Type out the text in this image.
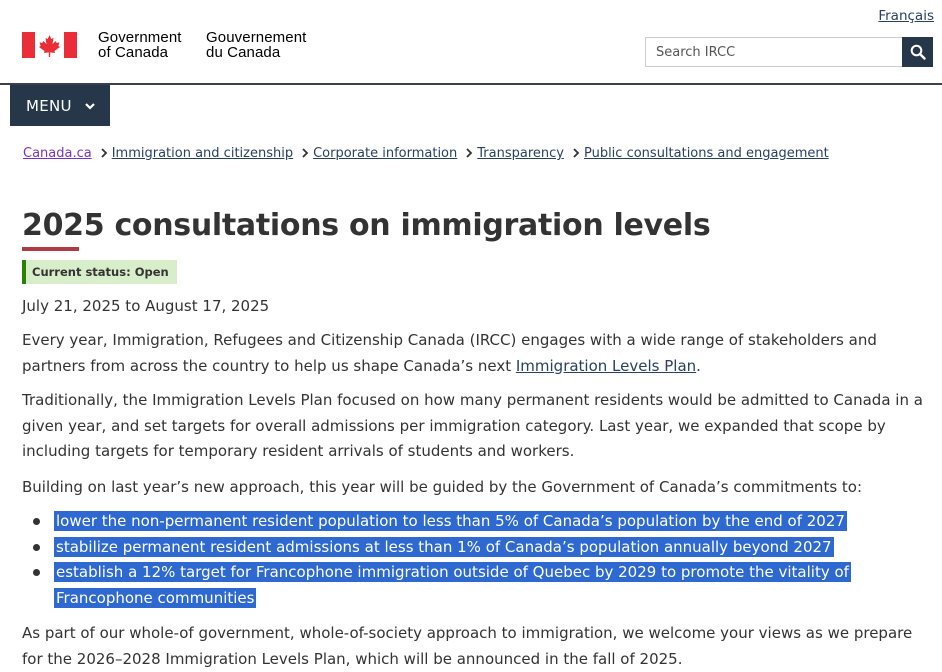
Français
Government
of Canada
Gouvernement
du Canada
Search IRCC
MENU
Canada.ca Immigration and citizenship Corporate information Transparency Public consultations and engagement
2025 consultations on immigration levels
Current status: Open

July 21, 2025 to August 17, 2025

Every year, Immigration, Refugees and Citizenship Canada (IRCC) engages with a wide range of stakeholders and partners from across the country to help us shape Canada’s next Immigration Levels Plan.

Traditionally, the Immigration Levels Plan focused on how many permanent residents would be admitted to Canada in a given year, and set targets for overall admissions per immigration category. Last year, we expanded that scope by including targets for temporary resident arrivals of students and workers.

Building on last year’s new approach, this year will be guided by the Government of Canada’s commitments to:

lower the non-permanent resident population to less than 5% of Canada’s population by the end of 2027
stabilize permanent resident admissions at less than 1% of Canada’s population annually beyond 2027
establish a 12% target for Francophone immigration outside of Quebec by 2029 to promote the vitality of Francophone communities

As part of our whole-of government, whole-of-society approach to immigration, we welcome your views as we prepare for the 2026–2028 Immigration Levels Plan, which will be announced in the fall of 2025.
